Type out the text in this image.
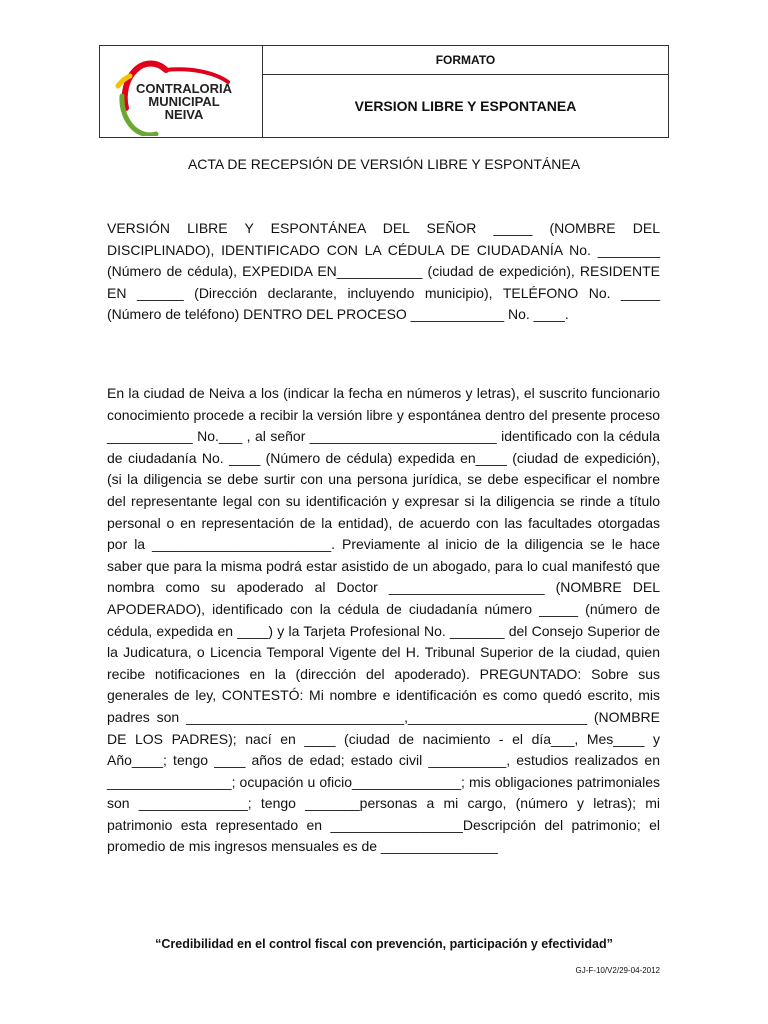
CONTRALORIA
MUNICIPAL
NEIVA
FORMATO
VERSION LIBRE Y ESPONTANEA
ACTA DE RECEPSIÓN DE VERSIÓN LIBRE Y ESPONTÁNEA
VERSIÓN LIBRE Y ESPONTÁNEA DEL SEÑOR _____ (NOMBRE DEL DISCIPLINADO), IDENTIFICADO CON LA CÉDULA DE CIUDADANÍA No. ________ (Número de cédula), EXPEDIDA EN___________ (ciudad de expedición), RESIDENTE EN ______ (Dirección declarante, incluyendo municipio), TELÉFONO No. _____ (Número de teléfono) DENTRO DEL PROCESO ____________ No. ____.
En la ciudad de Neiva a los (indicar la fecha en números y letras), el suscrito funcionario conocimiento procede a recibir la versión libre y espontánea dentro del presente proceso ___________ No.___ , al señor ________________________ identificado con la cédula de ciudadanía No. ____ (Número de cédula) expedida en____ (ciudad de expedición), (si la diligencia se debe surtir con una persona jurídica, se debe especificar el nombre del representante legal con su identificación y expresar si la diligencia se rinde a título personal o en representación de la entidad), de acuerdo con las facultades otorgadas por la _______________________. Previamente al inicio de la diligencia se le hace saber que para la misma podrá estar asistido de un abogado, para lo cual manifestó que nombra como su apoderado al Doctor ____________________ (NOMBRE DEL APODERADO), identificado con la cédula de ciudadanía número _____ (número de cédula, expedida en ____) y la Tarjeta Profesional No. _______ del Consejo Superior de la Judicatura, o Licencia Temporal Vigente del H. Tribunal Superior de la ciudad, quien recibe notificaciones en la (dirección del apoderado). PREGUNTADO: Sobre sus generales de ley, CONTESTÓ: Mi nombre e identificación es como quedó escrito, mis padres son ____________________________,_______________________ (NOMBRE DE LOS PADRES); nací en ____ (ciudad de nacimiento - el día___, Mes____ y Año____; tengo ____ años de edad; estado civil __________, estudios realizados en ________________; ocupación u oficio______________; mis obligaciones patrimoniales son ______________; tengo _______personas a mi cargo, (número y letras); mi patrimonio esta representado en _________________Descripción del patrimonio; el promedio de mis ingresos mensuales es de _______________
“Credibilidad en el control fiscal con prevención, participación y efectividad”
GJ-F-10/V2/29-04-2012
